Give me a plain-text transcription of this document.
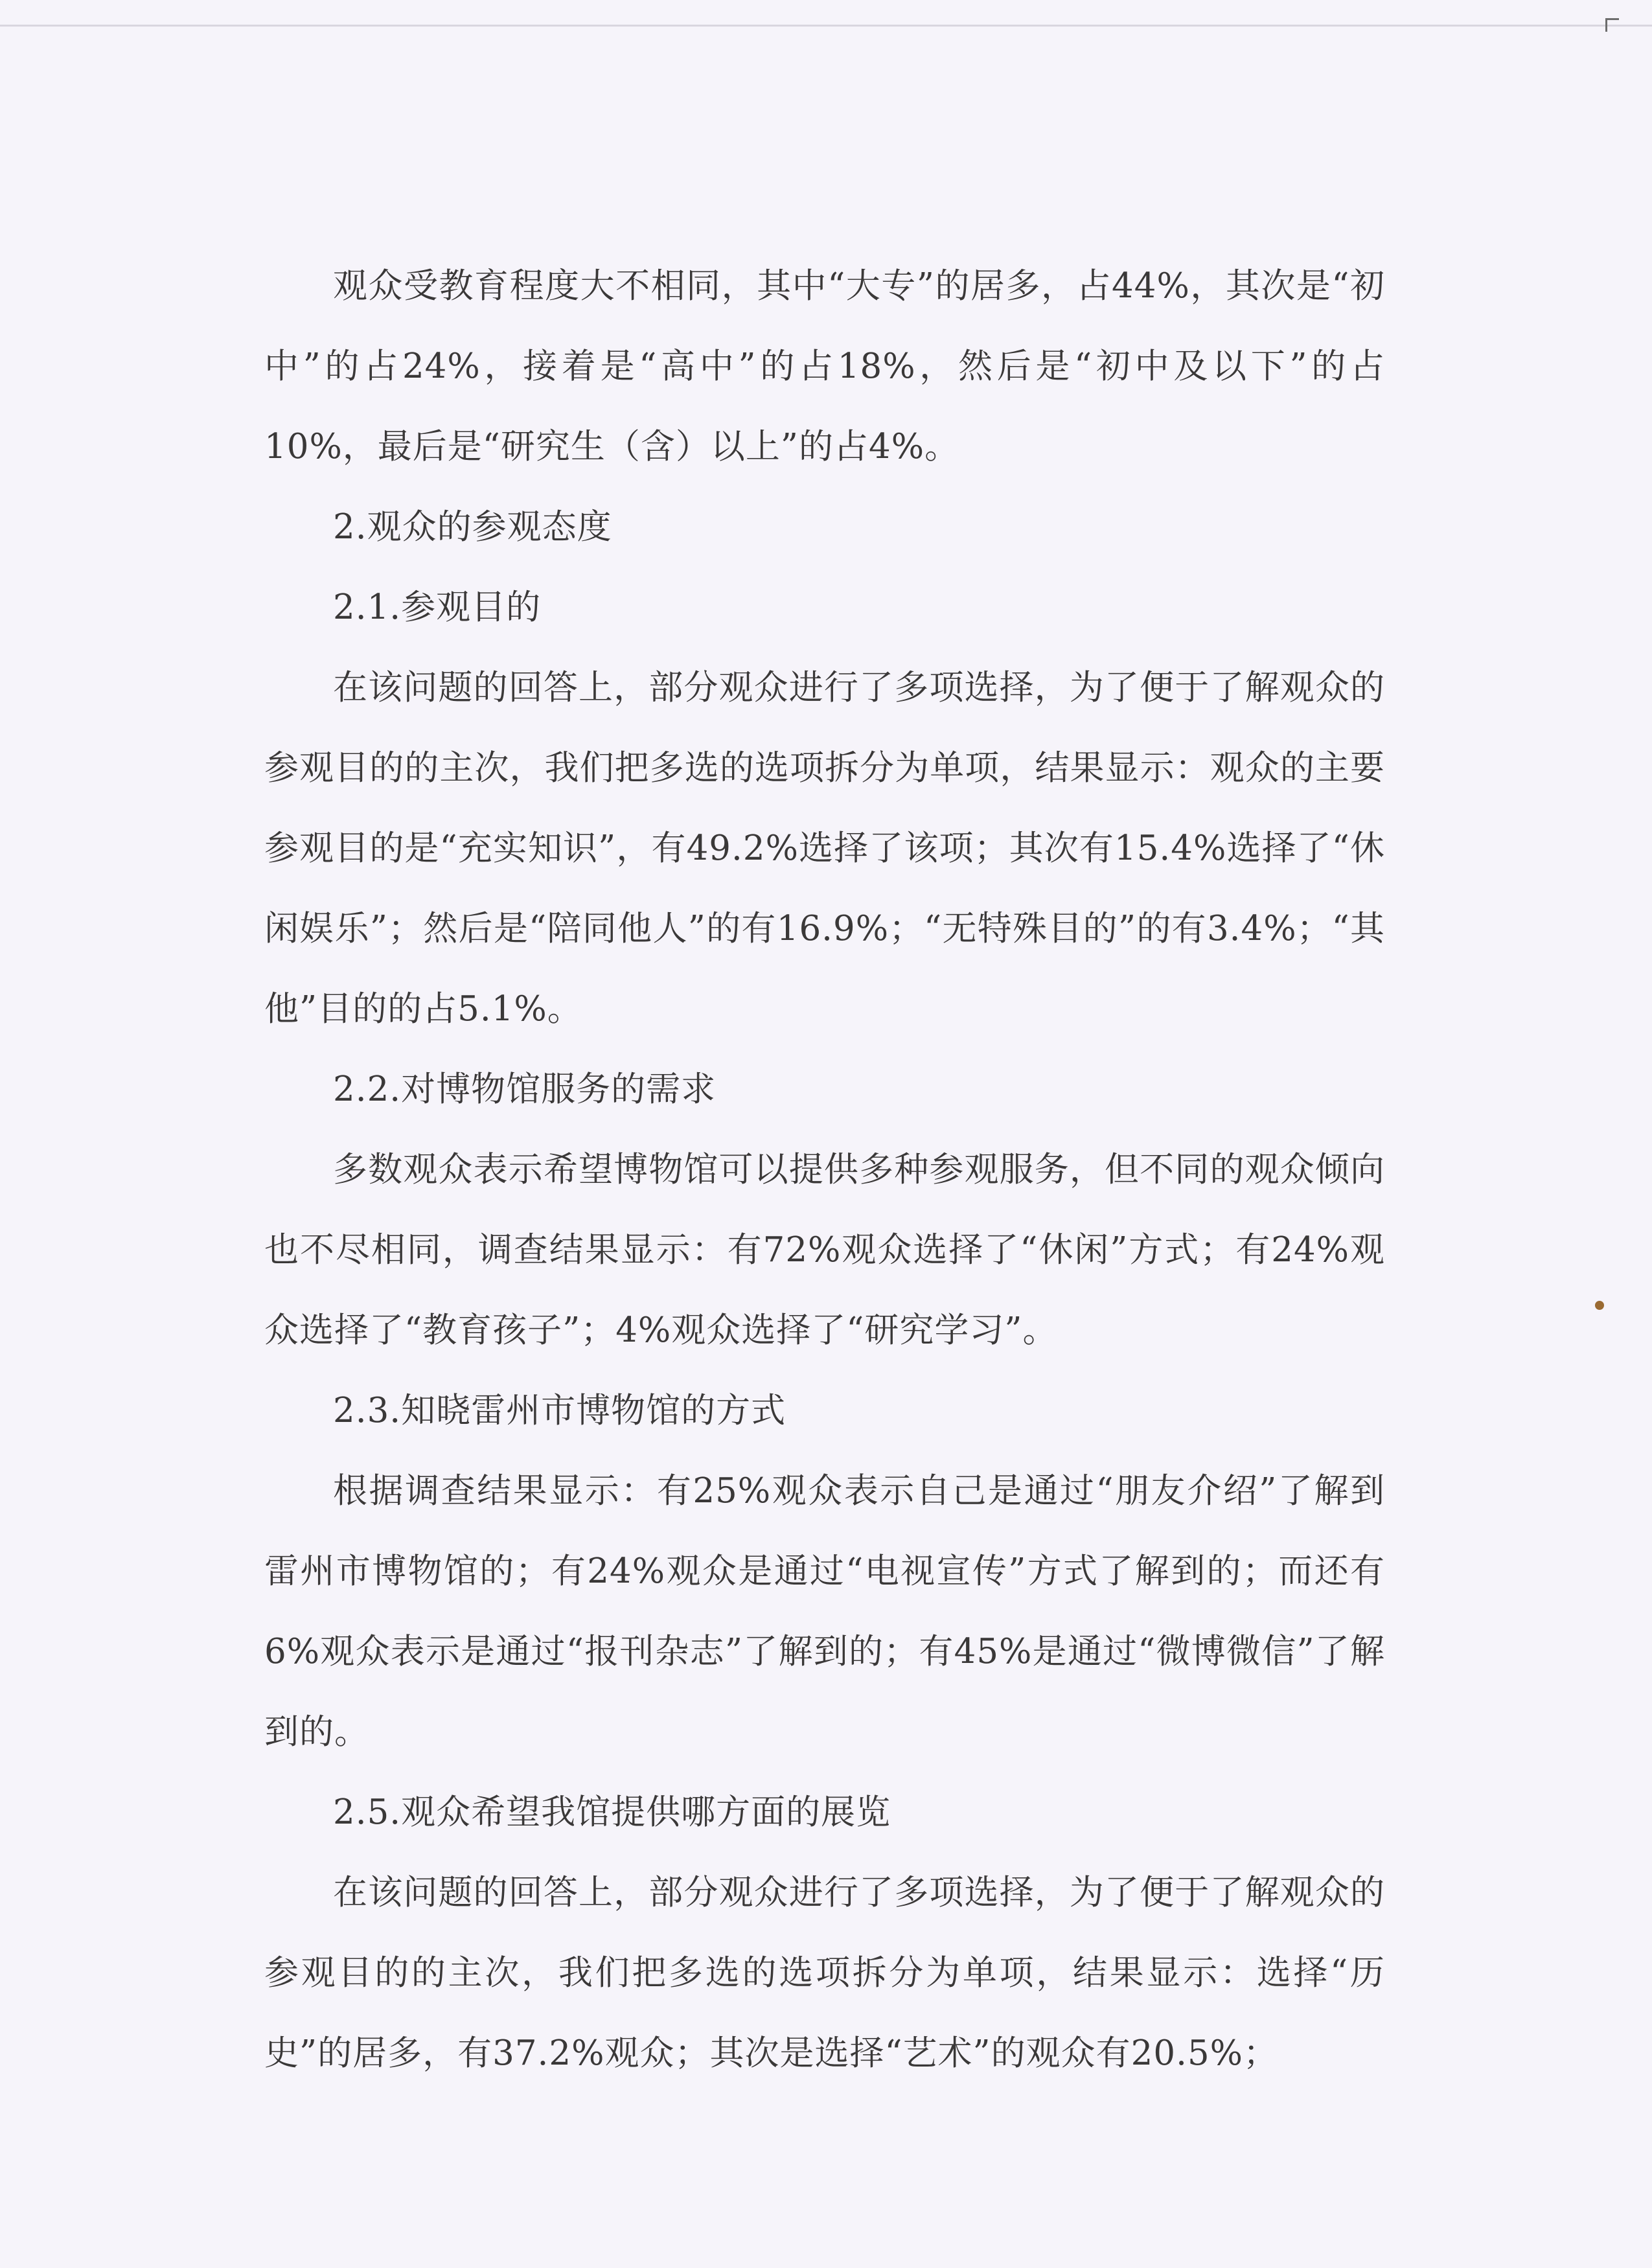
观众受教育程度大不相同，其中“大专”的居多，占44%，其次是“初中”的占24%，接着是“高中”的占18%，然后是“初中及以下”的占10%，最后是“研究生（含）以上”的占4%。

2.观众的参观态度

2.1.参观目的

在该问题的回答上，部分观众进行了多项选择，为了便于了解观众的参观目的的主次，我们把多选的选项拆分为单项，结果显示：观众的主要参观目的是“充实知识”，有49.2%选择了该项；其次有15.4%选择了“休闲娱乐”；然后是“陪同他人”的有16.9%；“无特殊目的”的有3.4%；“其他”目的的占5.1%。

2.2.对博物馆服务的需求

多数观众表示希望博物馆可以提供多种参观服务，但不同的观众倾向也不尽相同，调查结果显示：有72%观众选择了“休闲”方式；有24%观众选择了“教育孩子”；4%观众选择了“研究学习”。

2.3.知晓雷州市博物馆的方式

根据调查结果显示：有25%观众表示自己是通过“朋友介绍”了解到雷州市博物馆的；有24%观众是通过“电视宣传”方式了解到的；而还有6%观众表示是通过“报刊杂志”了解到的；有45%是通过“微博微信”了解到的。

2.5.观众希望我馆提供哪方面的展览

在该问题的回答上，部分观众进行了多项选择，为了便于了解观众的参观目的的主次，我们把多选的选项拆分为单项，结果显示：选择“历史”的居多，有37.2%观众；其次是选择“艺术”的观众有20.5%；
